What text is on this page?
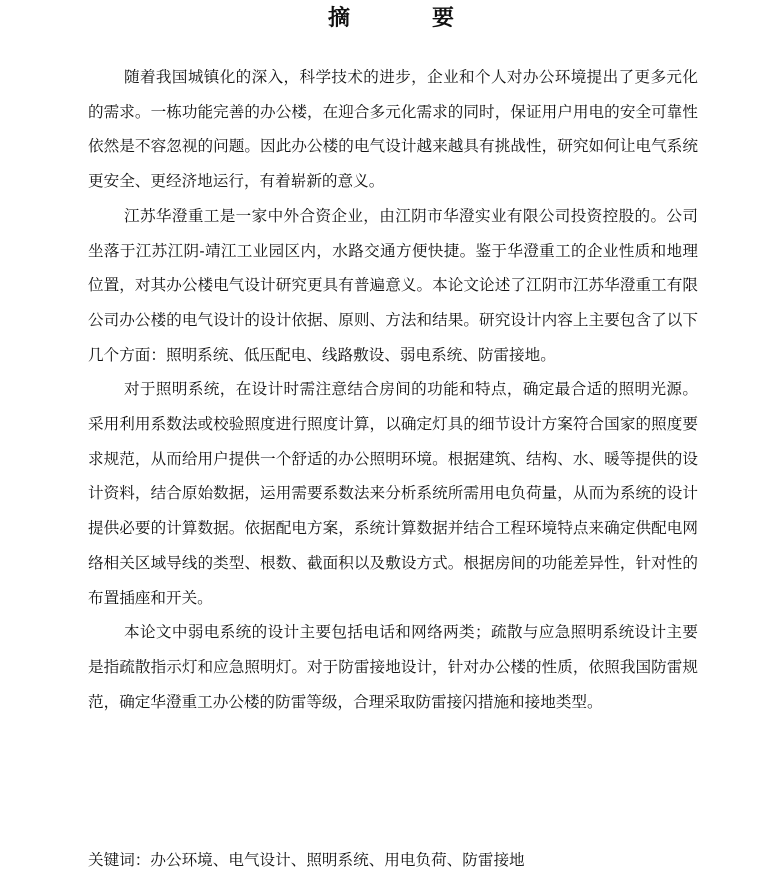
摘　要

随着我国城镇化的深入，科学技术的进步，企业和个人对办公环境提出了更多元化的需求。一栋功能完善的办公楼，在迎合多元化需求的同时，保证用户用电的安全可靠性依然是不容忽视的问题。因此办公楼的电气设计越来越具有挑战性，研究如何让电气系统更安全、更经济地运行，有着崭新的意义。

江苏华澄重工是一家中外合资企业，由江阴市华澄实业有限公司投资控股的。公司坐落于江苏江阴-靖江工业园区内，水路交通方便快捷。鉴于华澄重工的企业性质和地理位置，对其办公楼电气设计研究更具有普遍意义。本论文论述了江阴市江苏华澄重工有限公司办公楼的电气设计的设计依据、原则、方法和结果。研究设计内容上主要包含了以下几个方面：照明系统、低压配电、线路敷设、弱电系统、防雷接地。

对于照明系统，在设计时需注意结合房间的功能和特点，确定最合适的照明光源。采用利用系数法或校验照度进行照度计算，以确定灯具的细节设计方案符合国家的照度要求规范，从而给用户提供一个舒适的办公照明环境。根据建筑、结构、水、暖等提供的设计资料，结合原始数据，运用需要系数法来分析系统所需用电负荷量，从而为系统的设计提供必要的计算数据。依据配电方案，系统计算数据并结合工程环境特点来确定供配电网络相关区域导线的类型、根数、截面积以及敷设方式。根据房间的功能差异性，针对性的布置插座和开关。

本论文中弱电系统的设计主要包括电话和网络两类；疏散与应急照明系统设计主要是指疏散指示灯和应急照明灯。对于防雷接地设计，针对办公楼的性质，依照我国防雷规范，确定华澄重工办公楼的防雷等级，合理采取防雷接闪措施和接地类型。

关键词：办公环境、电气设计、照明系统、用电负荷、防雷接地
